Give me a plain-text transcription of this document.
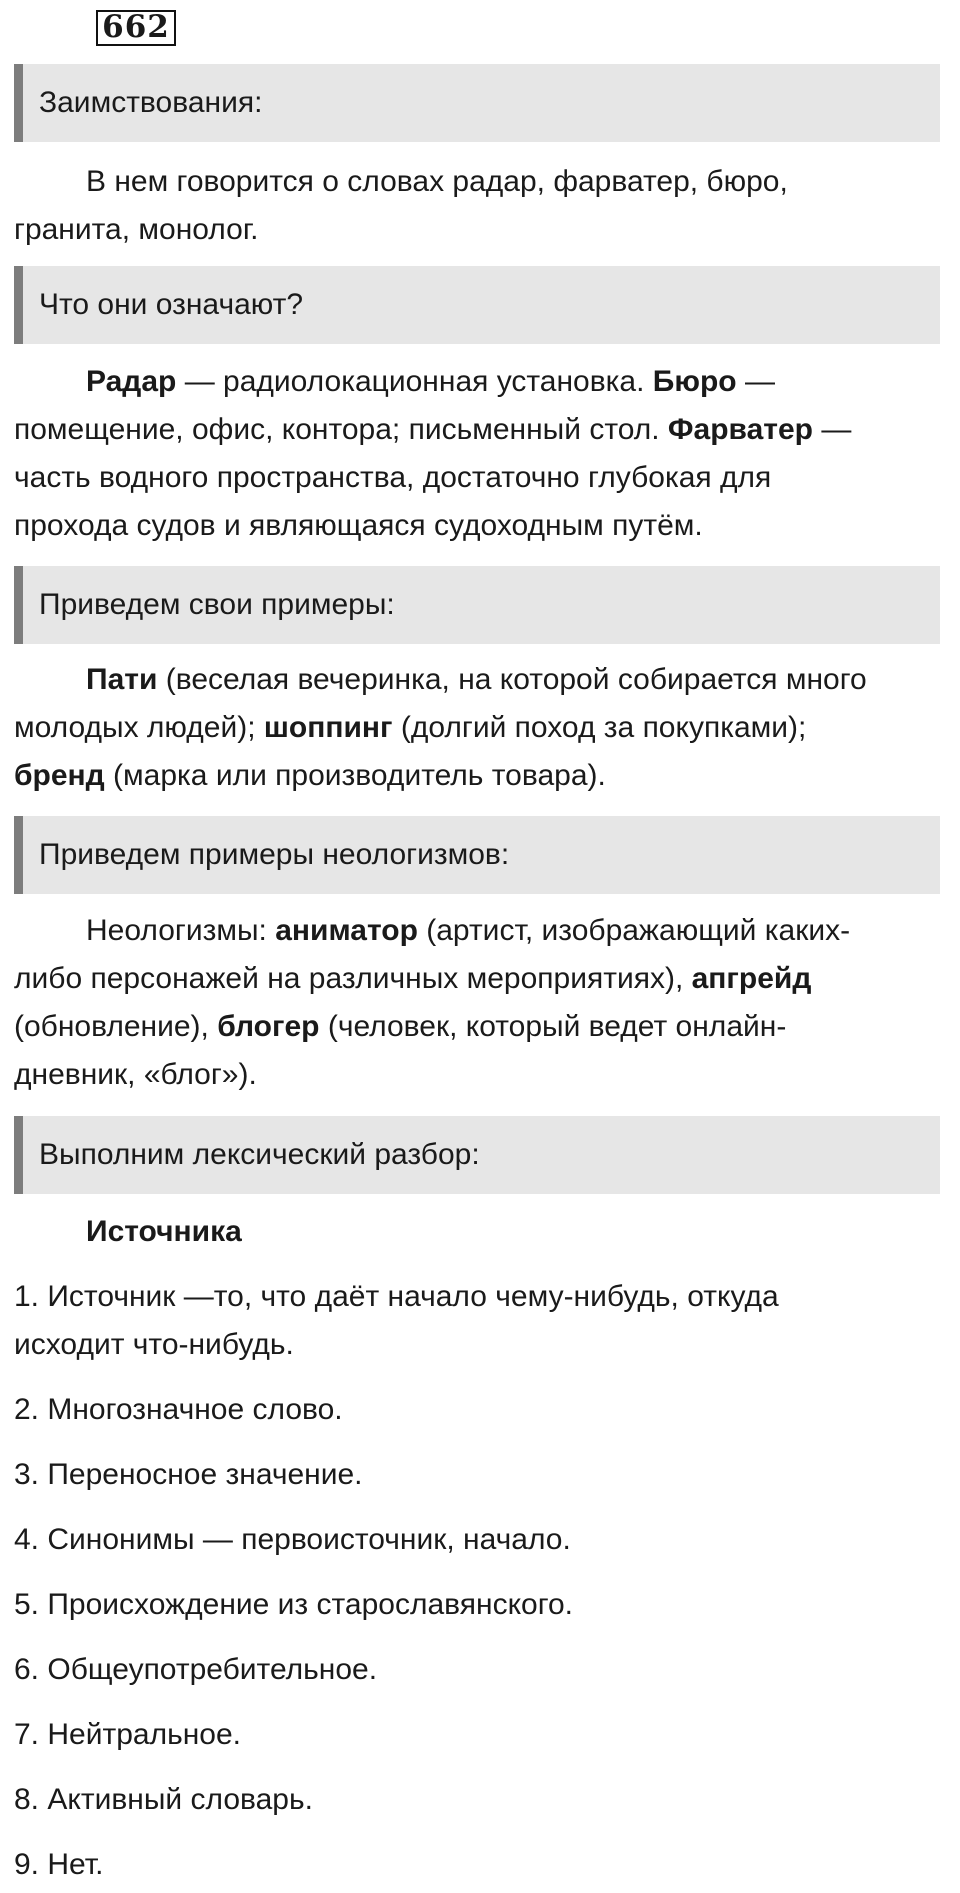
662
Заимствования:
В нем говорится о словах радар, фарватер, бюро,
гранита, монолог.
Что они означают?
Радар — радиолокационная установка. Бюро —
помещение, офис, контора; письменный стол. Фарватер —
часть водного пространства, достаточно глубокая для
прохода судов и являющаяся судоходным путём.
Приведем свои примеры:
Пати (веселая вечеринка, на которой собирается много
молодых людей); шоппинг (долгий поход за покупками);
бренд (марка или производитель товара).
Приведем примеры неологизмов:
Неологизмы: аниматор (артист, изображающий каких-
либо персонажей на различных мероприятиях), апгрейд
(обновление), блогер (человек, который ведет онлайн-
дневник, «блог»).
Выполним лексический разбор:
Источника
1. Источник —то, что даёт начало чему-нибудь, откуда
исходит что-нибудь.
2. Многозначное слово.
3. Переносное значение.
4. Синонимы — первоисточник, начало.
5. Происхождение из старославянского.
6. Общеупотребительное.
7. Нейтральное.
8. Активный словарь.
9. Нет.
